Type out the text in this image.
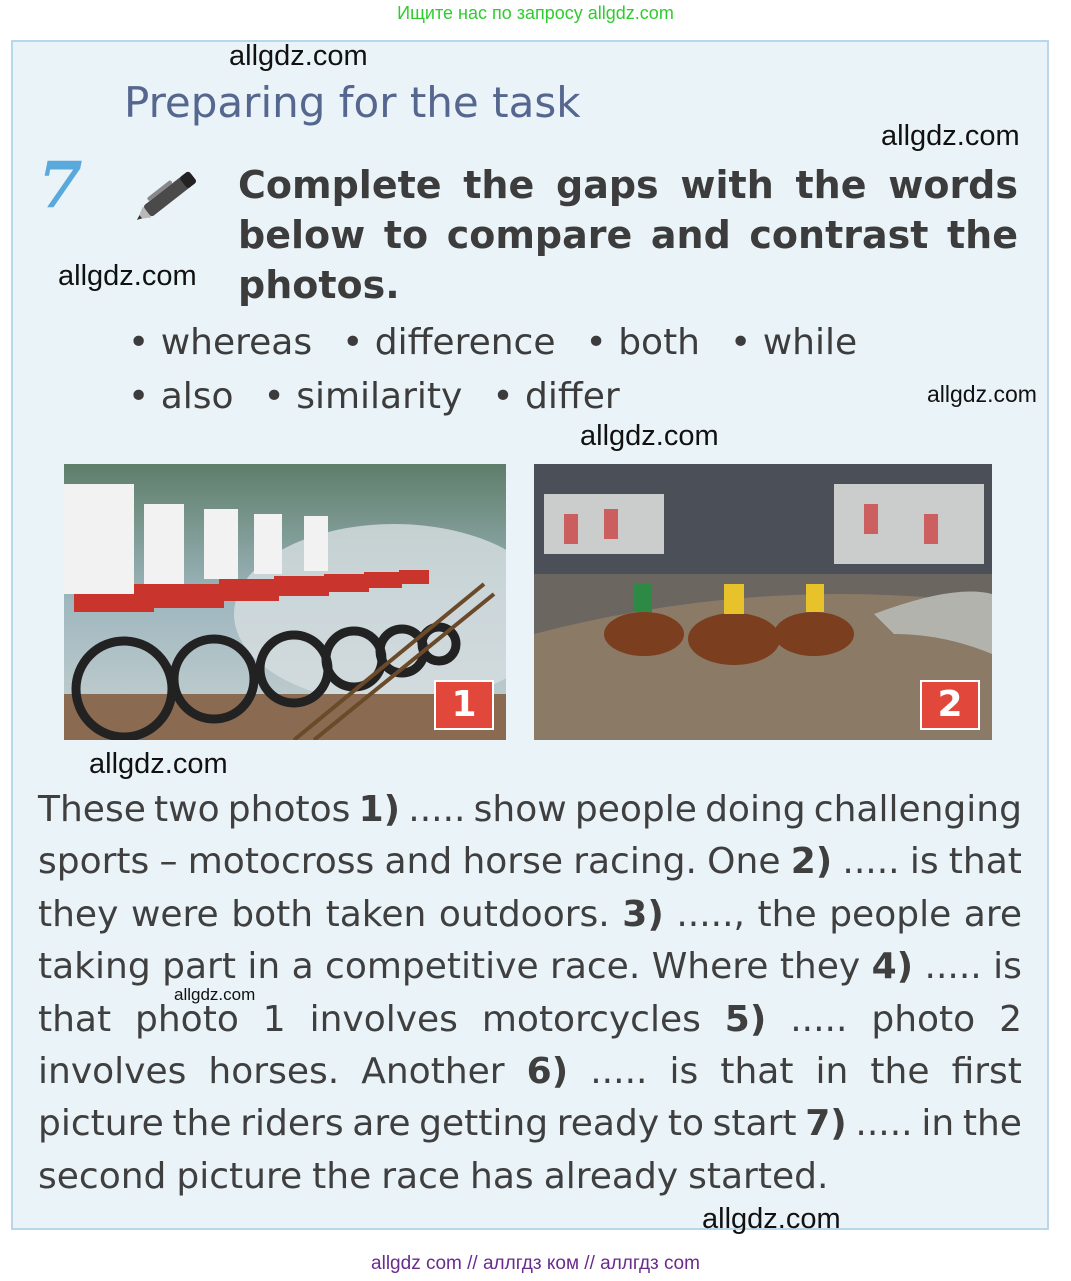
Ищите нас по запросу allgdz.com
Preparing for the task
7	Complete the gaps with the words below to compare and contrast the photos.
• whereas	• difference	• both	• while
• also	• similarity	• differ
1	2
These two photos 1) ..... show people doing challenging
sports – motocross and horse racing. One 2) ..... is that
they were both taken outdoors. 3) ....., the people are
taking part in a competitive race. Where they 4) ..... is
that photo 1 involves motorcycles 5) ..... photo 2
involves horses. Another 6) ..... is that in the first
picture the riders are getting ready to start 7) ..... in the
second picture the race has already started.
allgdz.com
allgdz.com
allgdz.com
allgdz.com
allgdz.com
allgdz.com
allgdz.com
allgdz.com
allgdz com // аллгдз ком // аллгдз com
